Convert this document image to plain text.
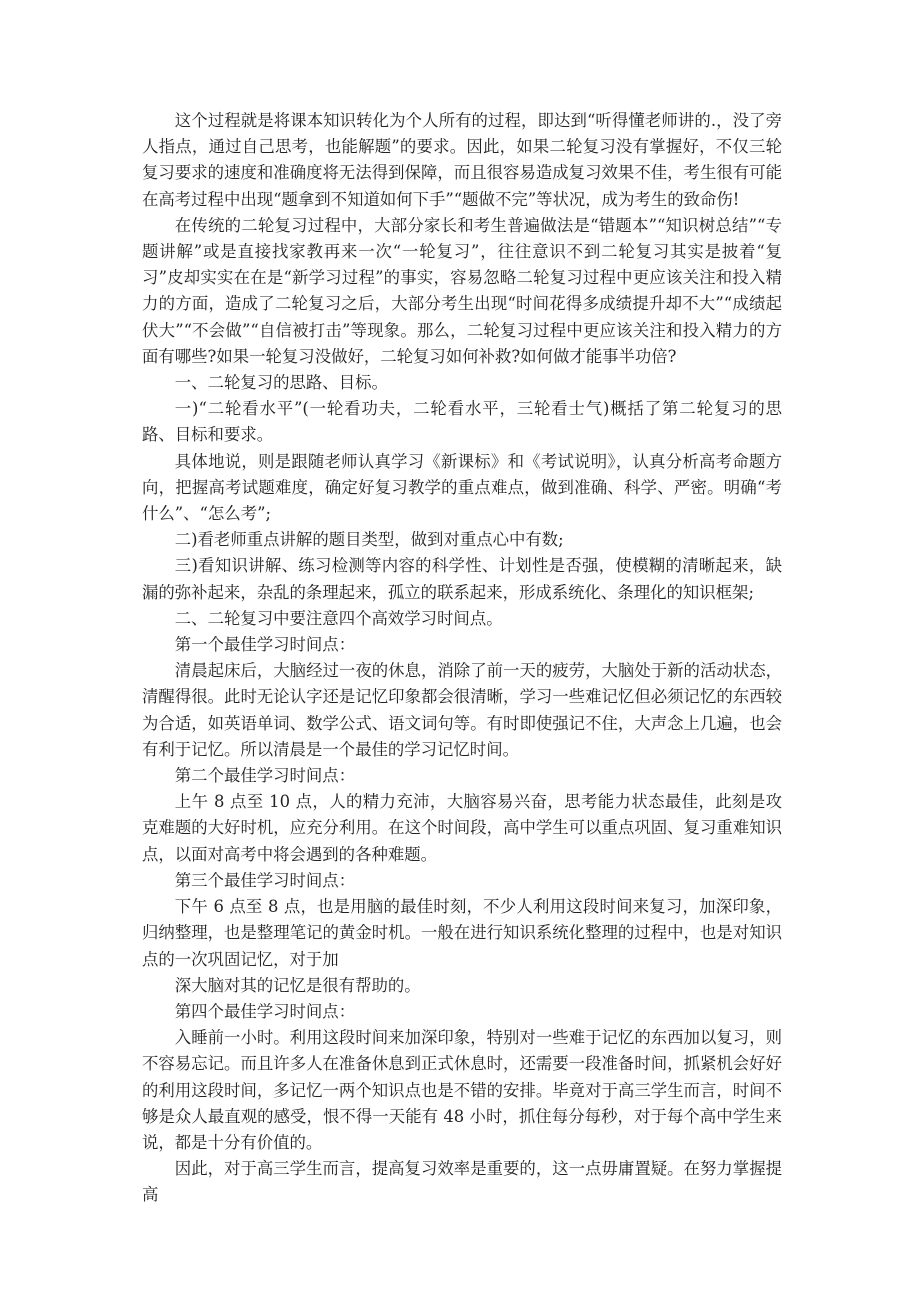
这个过程就是将课本知识转化为个人所有的过程，即达到“听得懂老师讲的.，没了旁人指点，通过自己思考，也能解题”的要求。因此，如果二轮复习没有掌握好，不仅三轮复习要求的速度和准确度将无法得到保障，而且很容易造成复习效果不佳，考生很有可能在高考过程中出现“题拿到不知道如何下手”“题做不完”等状况，成为考生的致命伤!

在传统的二轮复习过程中，大部分家长和考生普遍做法是“错题本”“知识树总结”“专题讲解”或是直接找家教再来一次“一轮复习”，往往意识不到二轮复习其实是披着“复习”皮却实实在在是“新学习过程”的事实，容易忽略二轮复习过程中更应该关注和投入精力的方面，造成了二轮复习之后，大部分考生出现“时间花得多成绩提升却不大”“成绩起伏大”“不会做”“自信被打击”等现象。那么，二轮复习过程中更应该关注和投入精力的方面有哪些?如果一轮复习没做好，二轮复习如何补救?如何做才能事半功倍?

一、二轮复习的思路、目标。

一)“二轮看水平”(一轮看功夫，二轮看水平，三轮看士气)概括了第二轮复习的思路、目标和要求。

具体地说，则是跟随老师认真学习《新课标》和《考试说明》，认真分析高考命题方向，把握高考试题难度，确定好复习教学的重点难点，做到准确、科学、严密。明确“考什么”、“怎么考”;

二)看老师重点讲解的题目类型，做到对重点心中有数;

三)看知识讲解、练习检测等内容的科学性、计划性是否强，使模糊的清晰起来，缺漏的弥补起来，杂乱的条理起来，孤立的联系起来，形成系统化、条理化的知识框架;

二、二轮复习中要注意四个高效学习时间点。

第一个最佳学习时间点：

清晨起床后，大脑经过一夜的休息，消除了前一天的疲劳，大脑处于新的活动状态，清醒得很。此时无论认字还是记忆印象都会很清晰，学习一些难记忆但必须记忆的东西较为合适，如英语单词、数学公式、语文词句等。有时即使强记不住，大声念上几遍，也会有利于记忆。所以清晨是一个最佳的学习记忆时间。

第二个最佳学习时间点：

上午 8 点至 10 点，人的精力充沛，大脑容易兴奋，思考能力状态最佳，此刻是攻克难题的大好时机，应充分利用。在这个时间段，高中学生可以重点巩固、复习重难知识点，以面对高考中将会遇到的各种难题。

第三个最佳学习时间点：

下午 6 点至 8 点，也是用脑的最佳时刻，不少人利用这段时间来复习，加深印象，归纳整理，也是整理笔记的黄金时机。一般在进行知识系统化整理的过程中，也是对知识点的一次巩固记忆，对于加

深大脑对其的记忆是很有帮助的。

第四个最佳学习时间点：

入睡前一小时。利用这段时间来加深印象，特别对一些难于记忆的东西加以复习，则不容易忘记。而且许多人在准备休息到正式休息时，还需要一段准备时间，抓紧机会好好的利用这段时间，多记忆一两个知识点也是不错的安排。毕竟对于高三学生而言，时间不够是众人最直观的感受，恨不得一天能有 48 小时，抓住每分每秒，对于每个高中学生来说，都是十分有价值的。

因此，对于高三学生而言，提高复习效率是重要的，这一点毋庸置疑。在努力掌握提高
